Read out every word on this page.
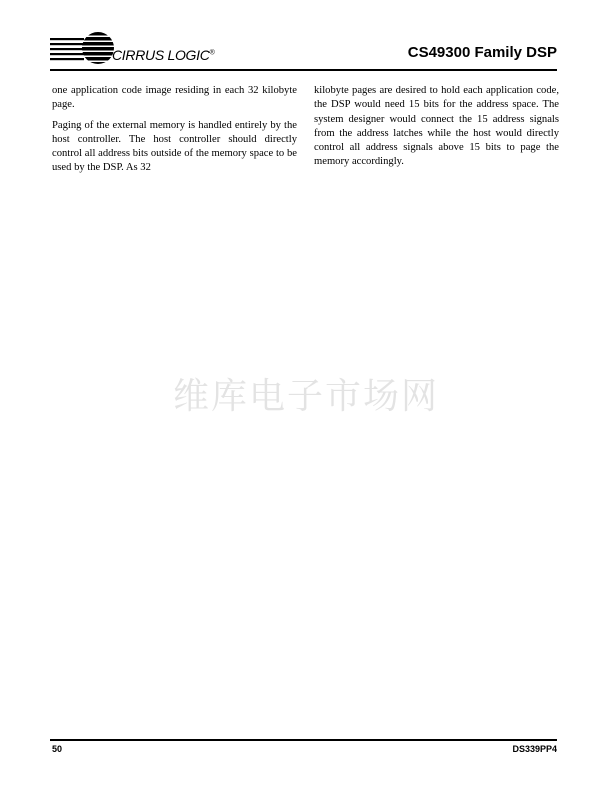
CIRRUS LOGIC®	CS49300 Family DSP

one application code image residing in each 32 kilobyte page.

Paging of the external memory is handled entirely by the host controller. The host controller should directly control all address bits outside of the memory space to be used by the DSP. As 32

kilobyte pages are desired to hold each application code, the DSP would need 15 bits for the address space. The system designer would connect the 15 address signals from the address latches while the host would directly control all address signals above 15 bits to page the memory accordingly.

维库电子市场网
50	DS339PP4
